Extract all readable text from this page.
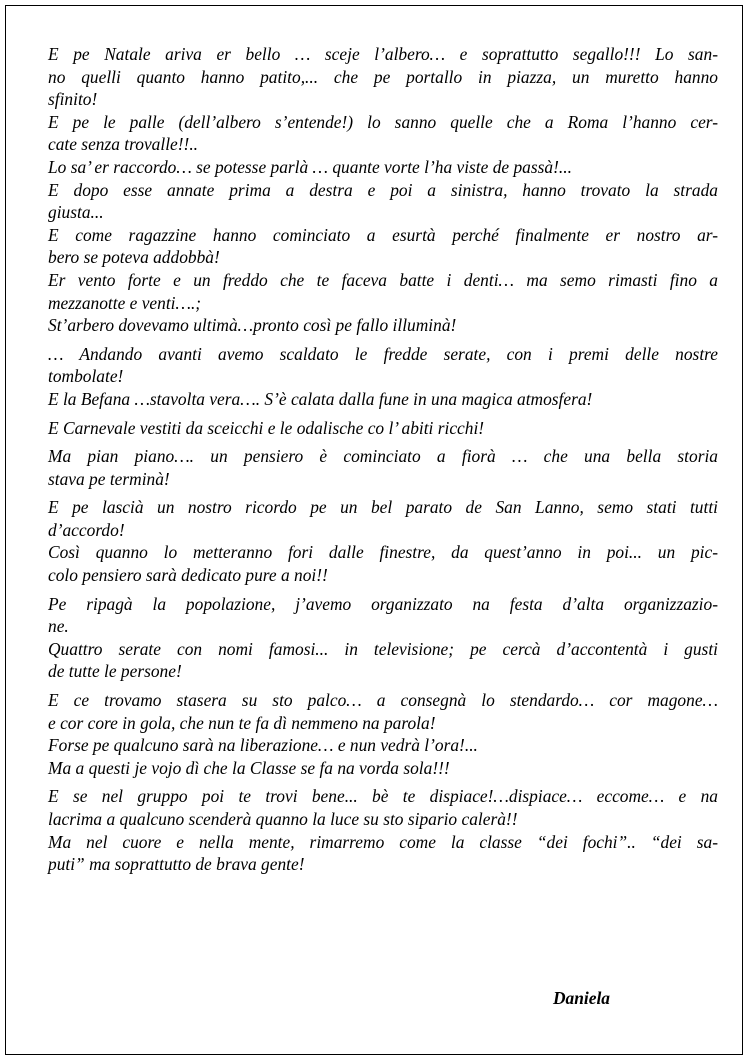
E pe Natale ariva er bello … sceje l’albero… e soprattutto segallo!!! Lo san-
no quelli quanto hanno patito,... che pe portallo in piazza, un muretto hanno
sfinito!
E pe le palle (dell’albero s’entende!) lo sanno quelle che a Roma l’hanno cer-
cate senza trovalle!!..
Lo sa’ er raccordo… se potesse parlà … quante vorte l’ha viste de passà!...
E dopo esse annate prima a destra e poi a sinistra, hanno trovato la strada
giusta...
E come ragazzine hanno cominciato a esurtà perché finalmente er nostro ar-
bero se poteva addobbà!
Er vento forte e un freddo che te faceva batte i denti… ma semo rimasti fino a
mezzanotte e venti….;
St’arbero dovevamo ultimà…pronto così pe fallo illuminà!
… Andando avanti avemo scaldato le fredde serate, con i premi delle nostre
tombolate!
E la Befana …stavolta vera…. S’è calata dalla fune in una magica atmosfera!
E Carnevale vestiti da sceicchi e le odalische co l’ abiti ricchi!
Ma pian piano…. un pensiero è cominciato a fiorà … che una bella storia
stava pe terminà!
E pe lascià un nostro ricordo pe un bel parato de San Lanno, semo stati tutti
d’accordo!
Così quanno lo metteranno fori dalle finestre, da quest’anno in poi... un pic-
colo pensiero sarà dedicato pure a noi!!
Pe ripagà la popolazione, j’avemo organizzato na festa d’alta organizzazio-
ne.
Quattro serate con nomi famosi... in televisione; pe cercà d’accontentà i gusti
de tutte le persone!
E ce trovamo stasera su sto palco… a consegnà lo stendardo… cor magone…
e cor core in gola, che nun te fa dì nemmeno na parola!
Forse pe qualcuno sarà na liberazione… e nun vedrà l’ora!...
Ma a questi je vojo dì che la Classe se fa na vorda sola!!!
E se nel gruppo poi te trovi bene... bè te dispiace!…dispiace… eccome… e na
lacrima a qualcuno scenderà quanno la luce su sto sipario calerà!!
Ma nel cuore e nella mente, rimarremo come la classe “dei fochi”.. “dei sa-
puti” ma soprattutto de brava gente!
Daniela
